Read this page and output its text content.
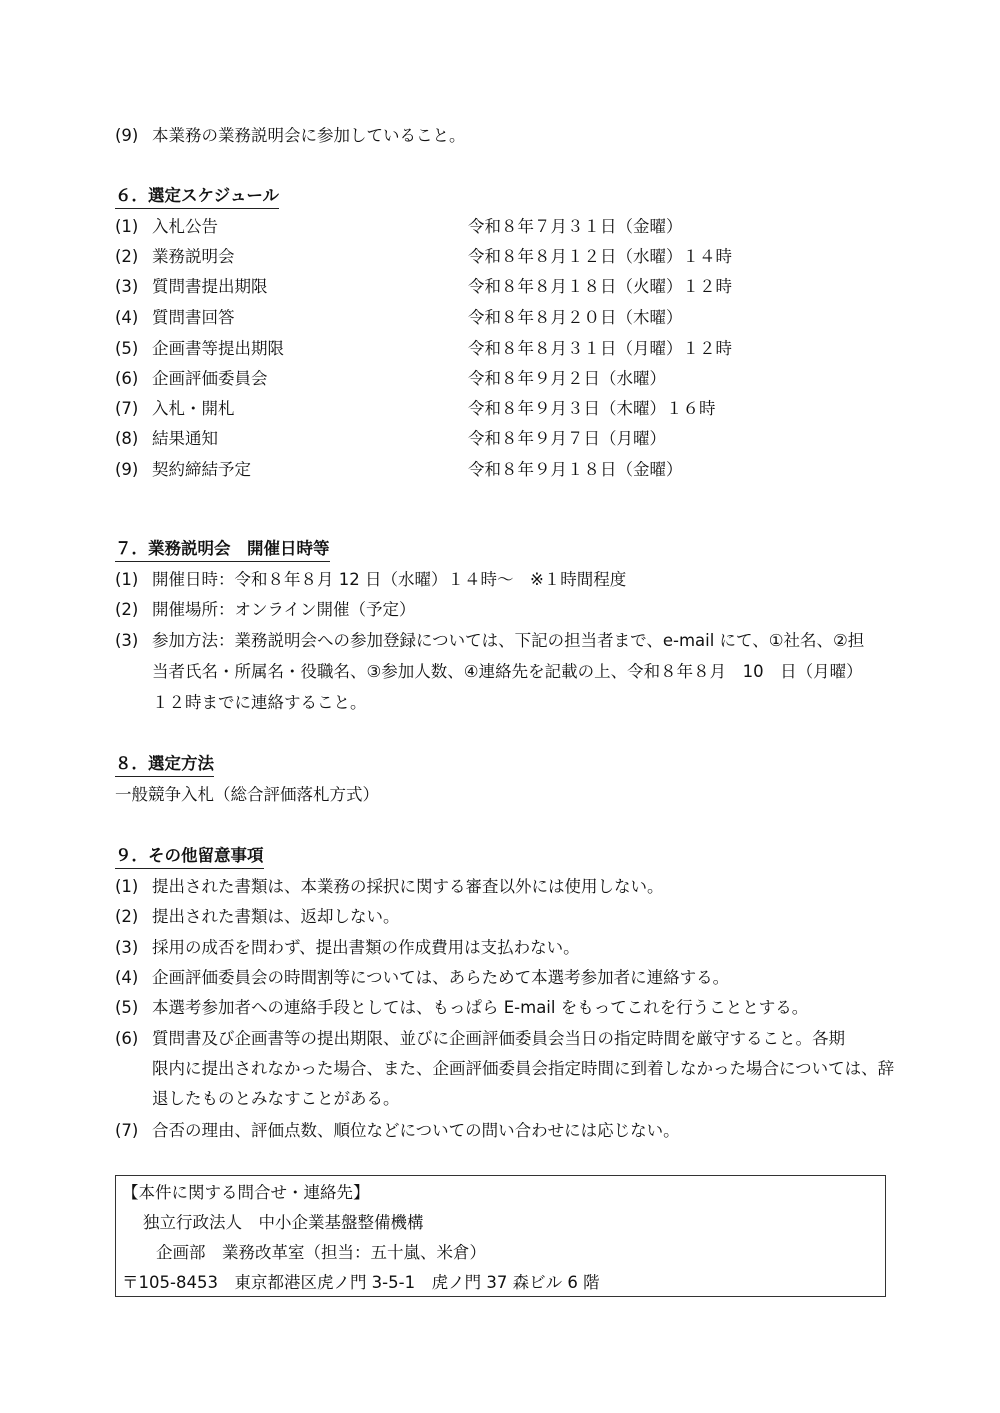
(9) 本業務の業務説明会に参加していること。
６．選定スケジュール
(1) 入札公告	令和８年７月３１日（金曜）
(2) 業務説明会	令和８年８月１２日（水曜）１４時
(3) 質問書提出期限	令和８年８月１８日（火曜）１２時
(4) 質問書回答	令和８年８月２０日（木曜）
(5) 企画書等提出期限	令和８年８月３１日（月曜）１２時
(6) 企画評価委員会	令和８年９月２日（水曜）
(7) 入札・開札	令和８年９月３日（木曜）１６時
(8) 結果通知	令和８年９月７日（月曜）
(9) 契約締結予定	令和８年９月１８日（金曜）
７．業務説明会　開催日時等
(1) 開催日時：令和８年８月 12 日（水曜）１４時～　※１時間程度
(2) 開催場所：オンライン開催（予定）
(3) 参加方法：業務説明会への参加登録については、下記の担当者まで、e-mail にて、①社名、②担
当者氏名・所属名・役職名、③参加人数、④連絡先を記載の上、令和８年８月　10　日（月曜）
１２時までに連絡すること。
８．選定方法
一般競争入札（総合評価落札方式）
９．その他留意事項
(1) 提出された書類は、本業務の採択に関する審査以外には使用しない。
(2) 提出された書類は、返却しない。
(3) 採用の成否を問わず、提出書類の作成費用は支払わない。
(4) 企画評価委員会の時間割等については、あらためて本選考参加者に連絡する。
(5) 本選考参加者への連絡手段としては、もっぱら E-mail をもってこれを行うこととする。
(6) 質問書及び企画書等の提出期限、並びに企画評価委員会当日の指定時間を厳守すること。各期
限内に提出されなかった場合、また、企画評価委員会指定時間に到着しなかった場合については、辞
退したものとみなすことがある。
(7) 合否の理由、評価点数、順位などについての問い合わせには応じない。
【本件に関する問合せ・連絡先】
独立行政法人　中小企業基盤整備機構
企画部　業務改革室（担当：五十嵐、米倉）
〒105-8453　東京都港区虎ノ門 3-5-1　虎ノ門 37 森ビル 6 階
